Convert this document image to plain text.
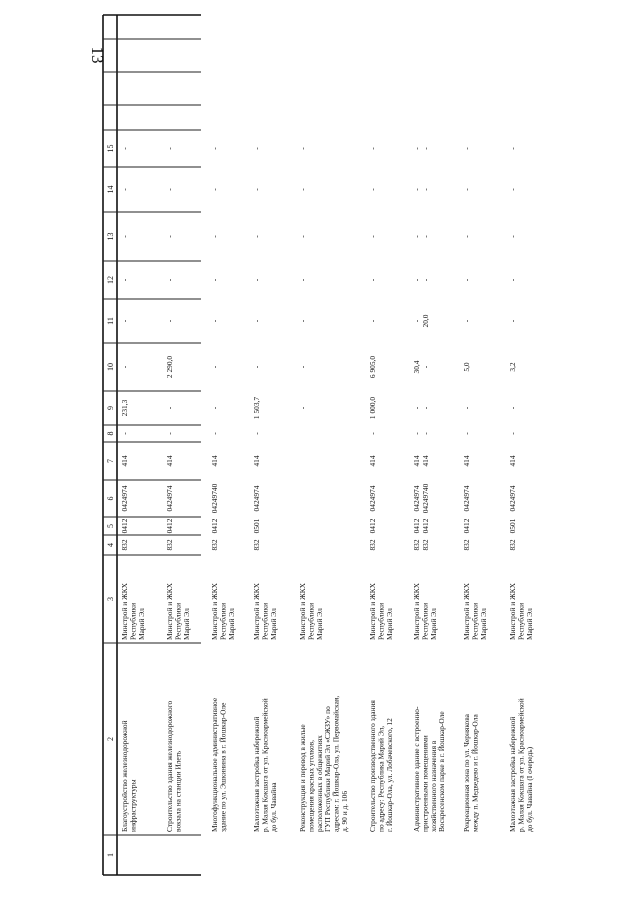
13
1
2
3
4
5
6
7
8
9
10
11
12
13
14
15
Благоустройство железнодорожной инфраструктуры
Минстрой и ЖКХ Республики Марий Эл
832
0412
0424974
414
-
231,3
-
-
-
-
-
-
Строительство здания железнодорожного вокзала на станции Илеть
Минстрой и ЖКХ Республики Марий Эл
832
0412
0424974
414
-
-
2 290,0
-
-
-
-
-
Многофункциональное административное здание по ул. Эшкинина в г. Йошкар-Оле
Минстрой и ЖКХ Республики Марий Эл
832
0412
04249740
414
-
-
-
-
-
-
-
-
Малоэтажная застройка набережной р. Малая Кокшага от ул. Красноармейской до бул. Чавайна
Минстрой и ЖКХ Республики Марий Эл
832
0501
0424974
414
-
1 503,7
-
-
-
-
-
-
Реконструкция и перевод в жилые помещения красных уголков, расположенных в общежитиях ГУП Республики Марий Эл «СЖЗУ» по адресам: г. Йошкар-Ола, ул. Первомайская, д. 90 и д. 106
Минстрой и ЖКХ Республики Марий Эл
-
-
-
-
-
-
-
Строительство производственного здания по адресу: Республика Марий Эл, г. Йошкар-Ола, ул. Лобачевского, 12
Минстрой и ЖКХ Республики Марий Эл
832
0412
0424974
414
-
1 000,0
6 905,0
-
-
-
-
-
Административное здание с встроенно- пристроенными помещениями хозяйственного назначения в Воскресенском парке в г. Йошкар-Оле
Минстрой и ЖКХ Республики Марий Эл
832
0412
0424974
414
-
-
30,4
-
-
-
-
-
832
0412
04249740
414
-
-
-
20,0
-
-
-
-
Рекреационная зона по ул. Чернякова между п. Медведево и г. Йошкар-Ола
Минстрой и ЖКХ Республики Марий Эл
832
0412
0424974
414
-
-
5,0
-
-
-
-
-
Малоэтажная застройка набережной р. Малая Кокшага от ул. Красноармейской до бул. Чавайна (I очередь)
Минстрой и ЖКХ Республики Марий Эл
832
0501
0424974
414
-
-
3,2
-
-
-
-
-
